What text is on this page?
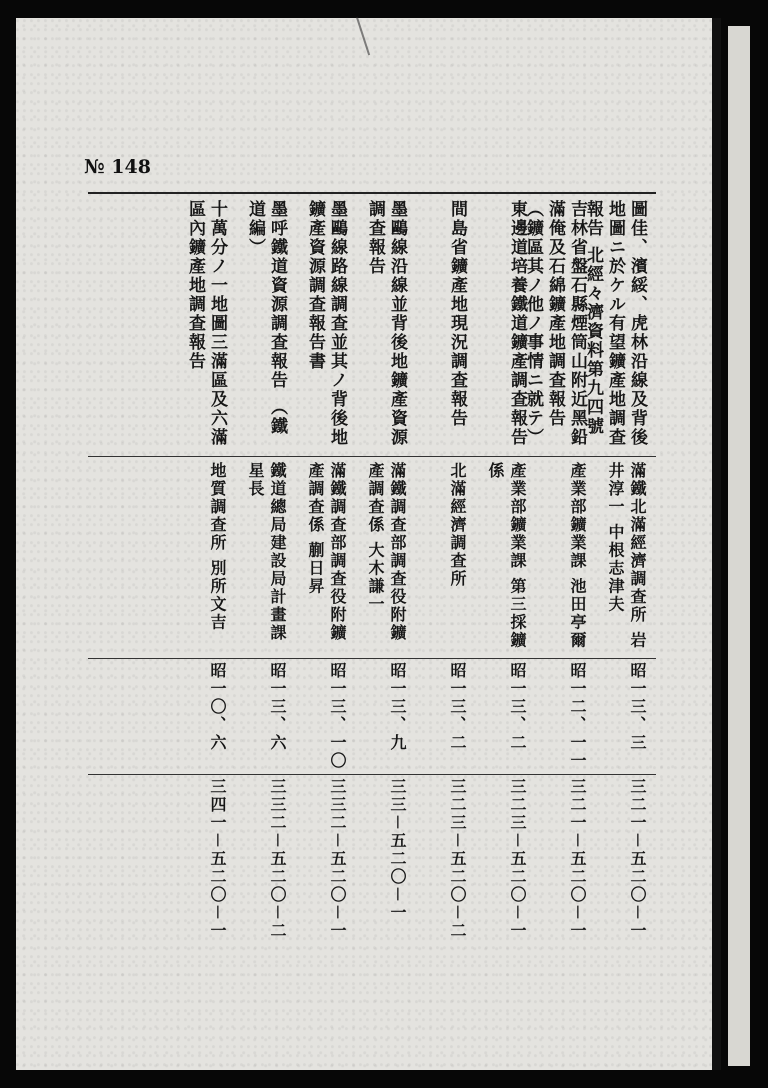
№ 148
圖佳、濱綏、虎林沿線及背後地圖ニ於ケル有望鑛產地調查報告 北經々濟資料第九四號
滿鐵北滿經濟調查所 岩井淳一 中根志津夫
昭一三、三
三二一－五二〇－一
吉林省盤石縣煙筒山附近黑鉛滿俺及石綿鑛產地調查報告 （鑛區其ノ他ノ事情ニ就テ）
產業部鑛業課 池田亭爾
昭一二、一一
三二一－五二〇－一
東邊道培養鐵道鑛產調查報告
產業部鑛業課 第三採鑛係
昭一三、二
三二三－五二〇－一
間島省鑛產地現況調查報告
北滿經濟調查所
昭一三、二
三二三－五二〇－二
墨鷗線沿線並背後地鑛產資源調查報告
滿鐵調查部調查役附鑛產調查係 大木謙一
昭一三、九
三三－五二〇－一
墨鷗線路線調查並其ノ背後地鑛產資源調查報告書
滿鐵調查部調查役附鑛產調查係 蒯日昇
昭一三、一〇
三三二－五二〇－一
墨呼鐵道資源調查報告 （鐵道編）
鐵道總局建設局計畫課 星長
昭一三、六
三三二－五二〇－二
十萬分ノ一地圖三滿區及六滿區內鑛產地調查報告
地質調查所 別所文吉
昭一〇、六
三四一－五二〇－一
